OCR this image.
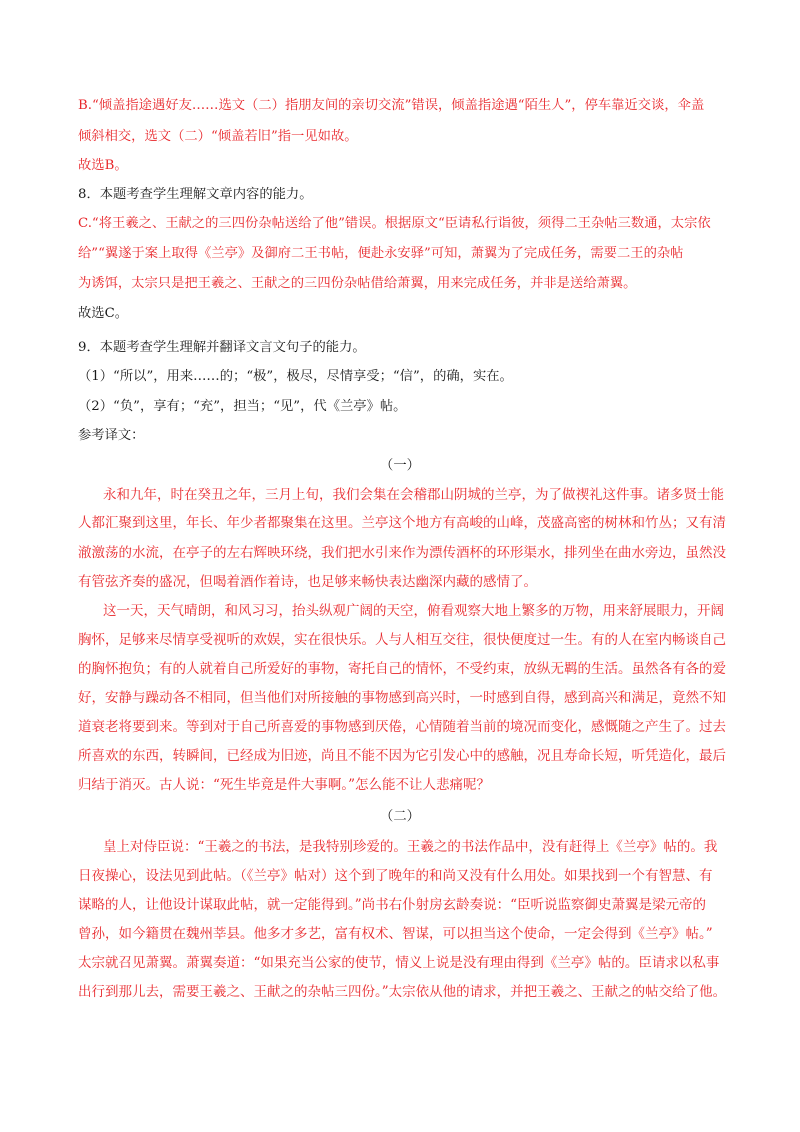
B.“倾盖指途遇好友……选文（二）指朋友间的亲切交流”错误，倾盖指途遇“陌生人”，停车靠近交谈，伞盖
倾斜相交，选文（二）“倾盖若旧”指一见如故。
故选B。
8．本题考查学生理解文章内容的能力。
C.“将王羲之、王献之的三四份杂帖送给了他”错误。根据原文“臣请私行诣彼，须得二王杂帖三数通，太宗依
给”“翼遂于案上取得《兰亭》及御府二王书帖，便赴永安驿”可知，萧翼为了完成任务，需要二王的杂帖
为诱饵，太宗只是把王羲之、王献之的三四份杂帖借给萧翼，用来完成任务，并非是送给萧翼。
故选C。
9．本题考查学生理解并翻译文言文句子的能力。
（1）“所以”，用来……的；“极”，极尽，尽情享受；“信”，的确，实在。
（2）“负”，享有；“充”，担当；“见”，代《兰亭》帖。
参考译文：
（一）
永和九年，时在癸丑之年，三月上旬，我们会集在会稽郡山阴城的兰亭，为了做禊礼这件事。诸多贤士能
人都汇聚到这里，年长、年少者都聚集在这里。兰亭这个地方有高峻的山峰，茂盛高密的树林和竹丛；又有清
澈激荡的水流，在亭子的左右辉映环绕，我们把水引来作为漂传酒杯的环形渠水，排列坐在曲水旁边，虽然没
有管弦齐奏的盛况，但喝着酒作着诗，也足够来畅快表达幽深内藏的感情了。
这一天，天气晴朗，和风习习，抬头纵观广阔的天空，俯看观察大地上繁多的万物，用来舒展眼力，开阔
胸怀，足够来尽情享受视听的欢娱，实在很快乐。人与人相互交往，很快便度过一生。有的人在室内畅谈自己
的胸怀抱负；有的人就着自己所爱好的事物，寄托自己的情怀，不受约束，放纵无羁的生活。虽然各有各的爱
好，安静与躁动各不相同，但当他们对所接触的事物感到高兴时，一时感到自得，感到高兴和满足，竟然不知
道衰老将要到来。等到对于自己所喜爱的事物感到厌倦，心情随着当前的境况而变化，感慨随之产生了。过去
所喜欢的东西，转瞬间，已经成为旧迹，尚且不能不因为它引发心中的感触，况且寿命长短，听凭造化，最后
归结于消灭。古人说：“死生毕竟是件大事啊。”怎么能不让人悲痛呢？
（二）
皇上对侍臣说：“王羲之的书法，是我特别珍爱的。王羲之的书法作品中，没有赶得上《兰亭》帖的。我
日夜操心，设法见到此帖。（《兰亭》帖对）这个到了晚年的和尚又没有什么用处。如果找到一个有智慧、有
谋略的人，让他设计谋取此帖，就一定能得到。”尚书右仆射房玄龄奏说：“臣听说监察御史萧翼是梁元帝的
曾孙，如今籍贯在魏州莘县。他多才多艺，富有权术、智谋，可以担当这个使命，一定会得到《兰亭》帖。”
太宗就召见萧翼。萧翼奏道：“如果充当公家的使节，情义上说是没有理由得到《兰亭》帖的。臣请求以私事
出行到那儿去，需要王羲之、王献之的杂帖三四份。”太宗依从他的请求，并把王羲之、王献之的帖交给了他。
